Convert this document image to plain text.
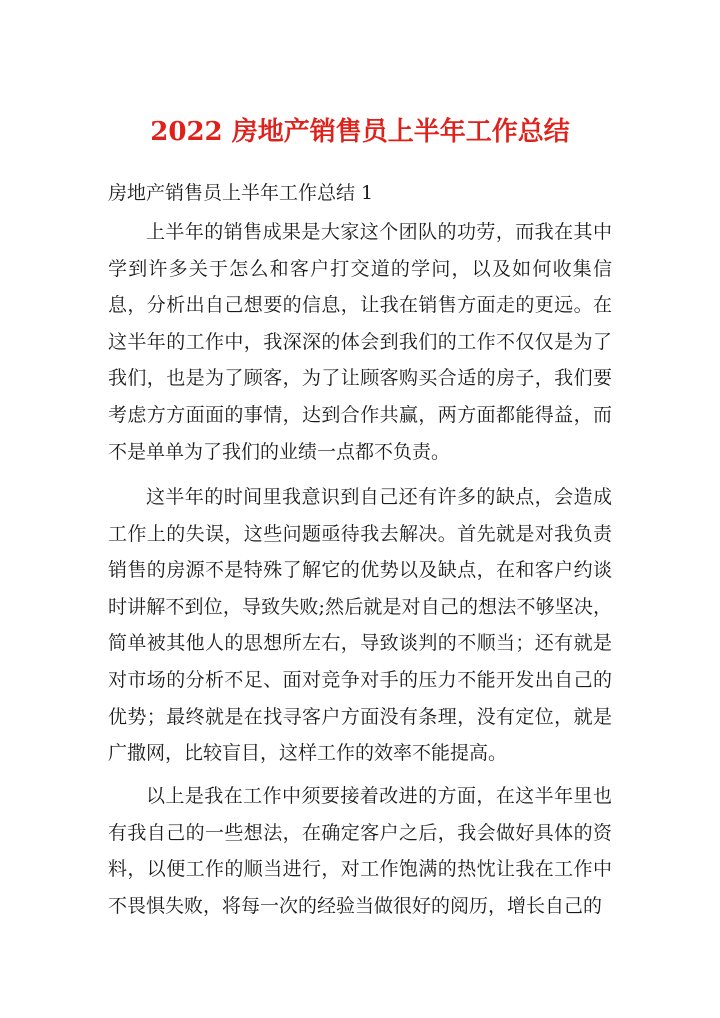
2022 房地产销售员上半年工作总结
房地产销售员上半年工作总结 1

上半年的销售成果是大家这个团队的功劳，而我在其中学到许多关于怎么和客户打交道的学问，以及如何收集信息，分析出自己想要的信息，让我在销售方面走的更远。在这半年的工作中，我深深的体会到我们的工作不仅仅是为了我们，也是为了顾客，为了让顾客购买合适的房子，我们要考虑方方面面的事情，达到合作共赢，两方面都能得益，而不是单单为了我们的业绩一点都不负责。

这半年的时间里我意识到自己还有许多的缺点，会造成工作上的失误，这些问题亟待我去解决。首先就是对我负责销售的房源不是特殊了解它的优势以及缺点，在和客户约谈时讲解不到位，导致失败;然后就是对自己的想法不够坚决，简单被其他人的思想所左右，导致谈判的不顺当；还有就是对市场的分析不足、面对竞争对手的压力不能开发出自己的优势；最终就是在找寻客户方面没有条理，没有定位，就是广撒网，比较盲目，这样工作的效率不能提高。

以上是我在工作中须要接着改进的方面，在这半年里也有我自己的一些想法，在确定客户之后，我会做好具体的资料，以便工作的顺当进行，对工作饱满的热忱让我在工作中不畏惧失败，将每一次的经验当做很好的阅历，增长自己的
